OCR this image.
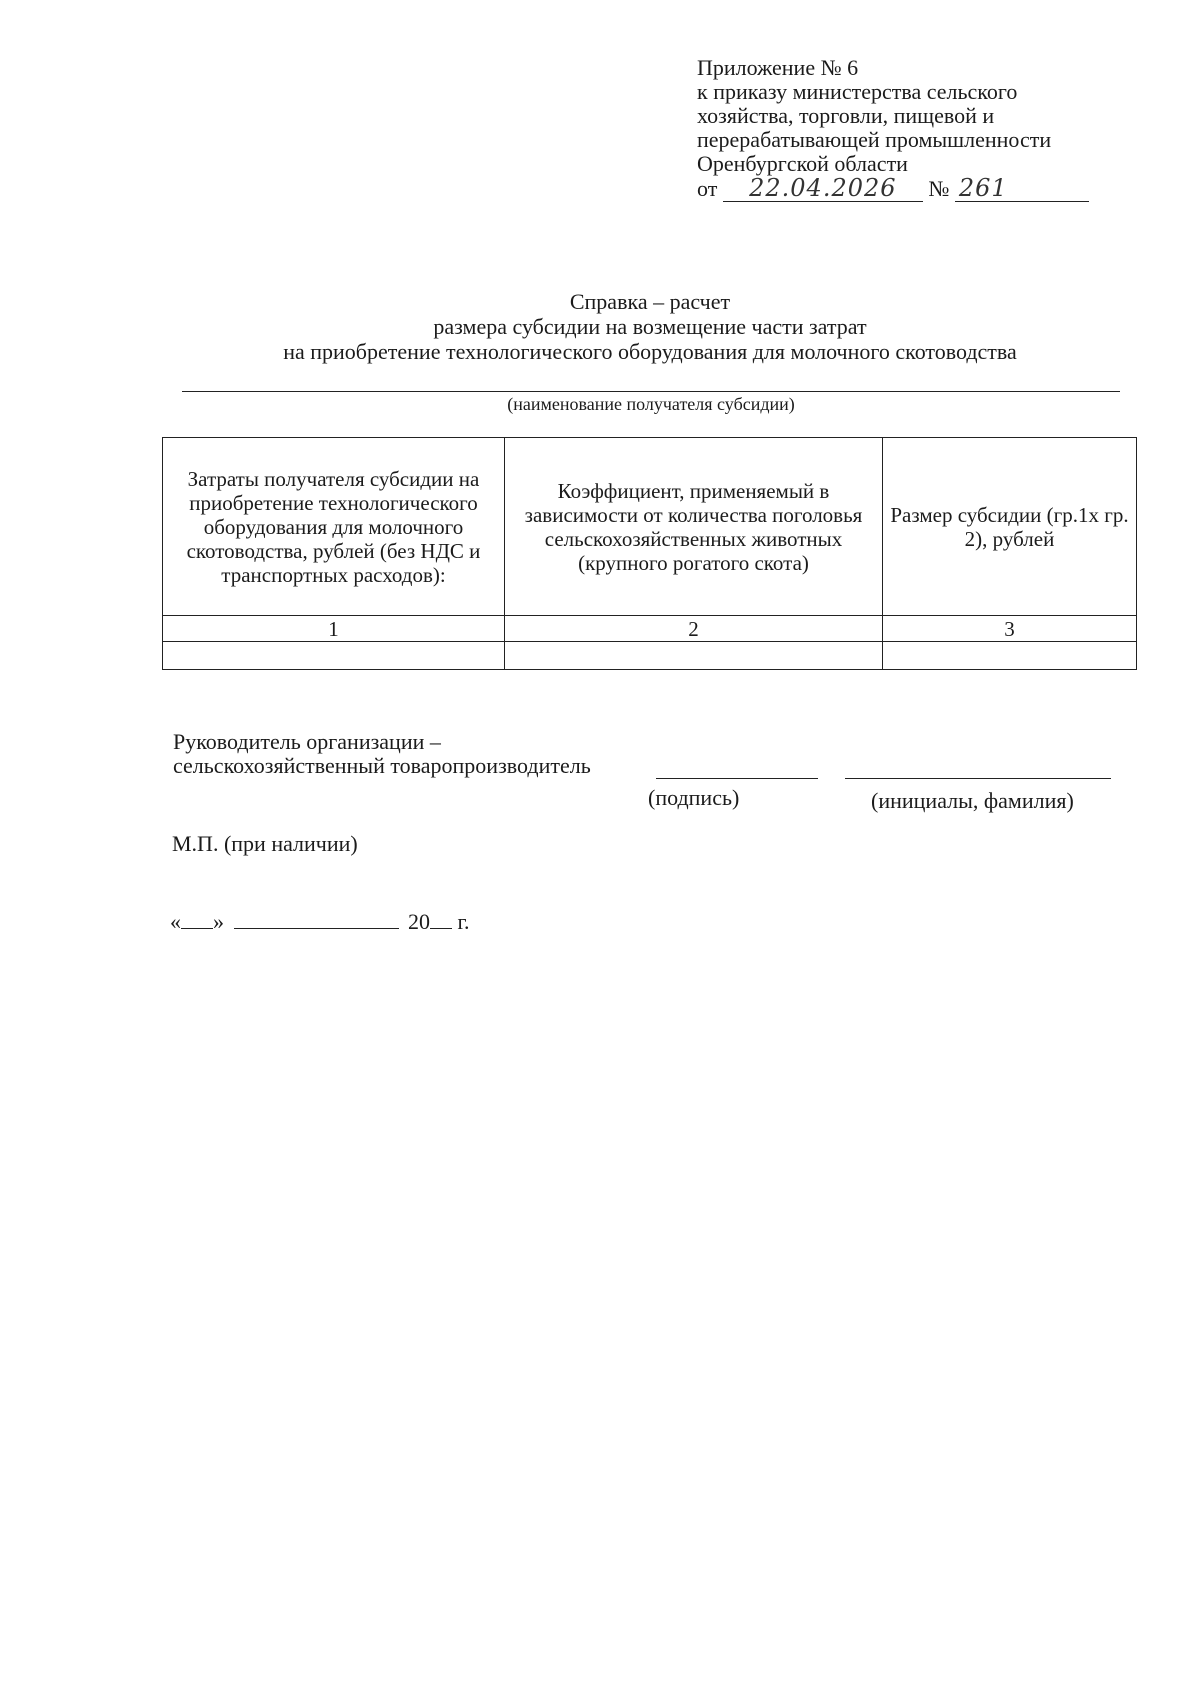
Приложение № 6
к приказу министерства сельского
хозяйства, торговли, пищевой и
перерабатывающей промышленности
Оренбургской области
от 22.04.2026 № 261
Справка – расчет
размера субсидии на возмещение части затрат
на приобретение технологического оборудования для молочного скотоводства
(наименование получателя субсидии)
Затраты получателя субсидии на приобретение технологического оборудования для молочного скотоводства, рублей (без НДС и транспортных расходов):	Коэффициент, применяемый в зависимости от количества поголовья сельскохозяйственных животных (крупного рогатого скота)	Размер субсидии (гр.1х гр. 2), рублей
1	2	3

Руководитель организации –
сельскохозяйственный товаропроизводитель
(подпись)	(инициалы, фамилия)
М.П. (при наличии)
« »	20 г.
